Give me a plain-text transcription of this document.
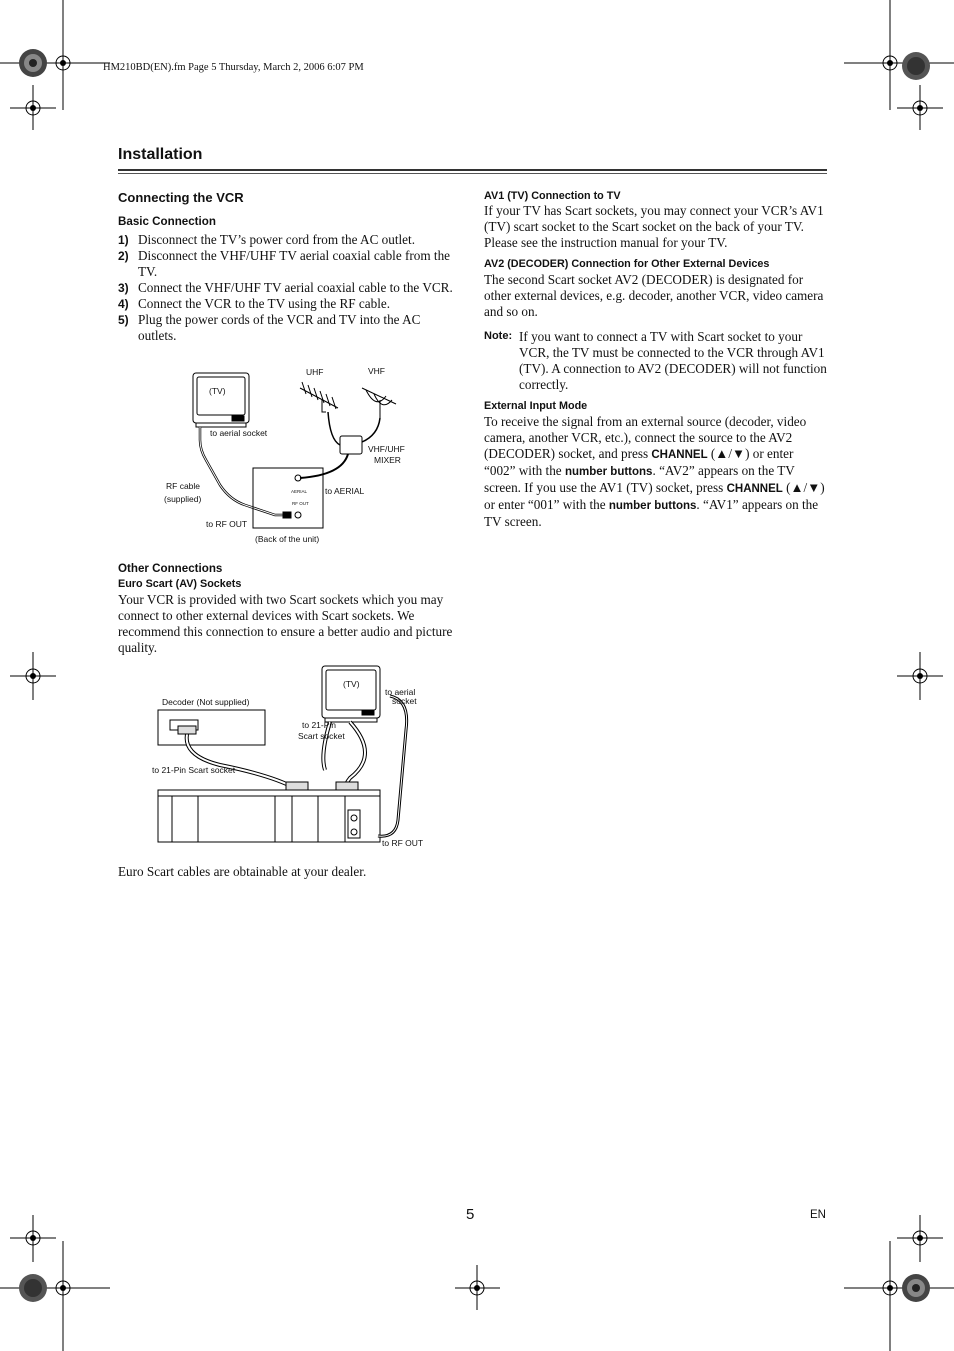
HM210BD(EN).fm Page 5 Thursday, March 2, 2006 6:07 PM
Installation
Connecting the VCR
Basic Connection
1) Disconnect the TV’s power cord from the AC outlet.
2) Disconnect the VHF/UHF TV aerial coaxial cable from the TV.
3) Connect the VHF/UHF TV aerial coaxial cable to the VCR.
4) Connect the VCR to the TV using the RF cable.
5) Plug the power cords of the VCR and TV into the AC outlets.
(TV)
UHF	VHF
to aerial socket
VHF/UHF
MIXER
RF cable
(supplied)
to AERIAL
to RF OUT
(Back of the unit)
AERIAL
RF OUT
Other Connections
Euro Scart (AV) Sockets
Your VCR is provided with two Scart sockets which you may connect to other external devices with Scart sockets. We recommend this connection to ensure a better audio and picture quality.
(TV)
to aerial
socket
Decoder (Not supplied)
to 21-Pin
Scart socket
to 21-Pin Scart socket
to RF OUT
Euro Scart cables are obtainable at your dealer.
AV1 (TV) Connection to TV
If your TV has Scart sockets, you may connect your VCR’s AV1 (TV) scart socket to the Scart socket on the back of your TV. Please see the instruction manual for your TV.
AV2 (DECODER) Connection for Other External Devices
The second Scart socket AV2 (DECODER) is designated for other external devices, e.g. decoder, another VCR, video camera and so on.
Note: If you want to connect a TV with Scart socket to your VCR, the TV must be connected to the VCR through AV1 (TV). A connection to AV2 (DECODER) will not function correctly.
External Input Mode
To receive the signal from an external source (decoder, video camera, another VCR, etc.), connect the source to the AV2 (DECODER) socket, and press CHANNEL (▲/▼) or enter “002” with the number buttons. “AV2” appears on the TV screen. If you use the AV1 (TV) socket, press CHANNEL (▲/▼) or enter “001” with the number buttons. “AV1” appears on the TV screen.
5	EN
